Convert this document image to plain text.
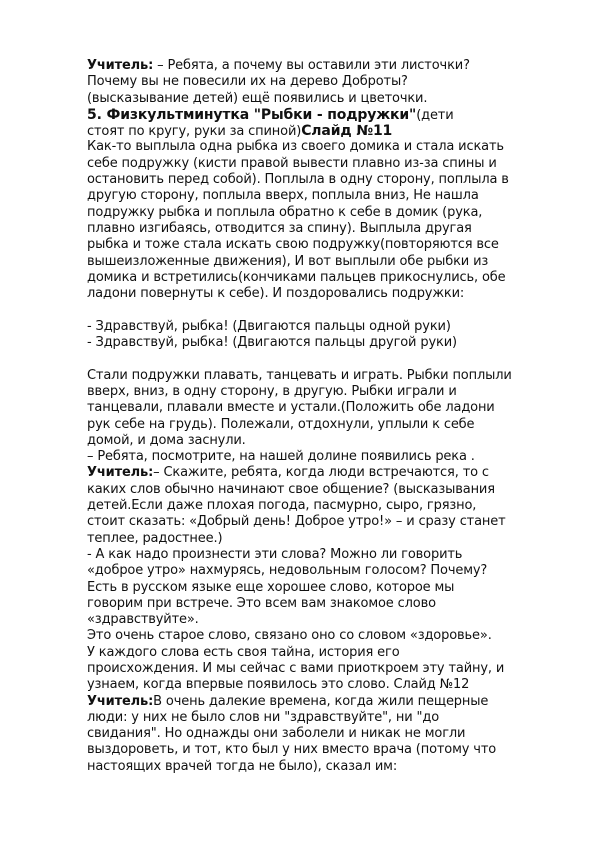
Учитель: – Ребята, а почему вы оставили эти листочки?
Почему вы не повесили их на дерево Доброты?
(высказывание детей) ещё появились и цветочки.
5. Физкультминутка "Рыбки - подружки"(дети
стоят по кругу, руки за спиной)Слайд №11
Как-то выплыла одна рыбка из своего домика и стала искать
себе подружку (кисти правой вывести плавно из-за спины и
остановить перед собой). Поплыла в одну сторону, поплыла в
другую сторону, поплыла вверх, поплыла вниз, Не нашла
подружку рыбка и поплыла обратно к себе в домик (рука,
плавно изгибаясь, отводится за спину). Выплыла другая
рыбка и тоже стала искать свою подружку(повторяются все
вышеизложенные движения), И вот выплыли обе рыбки из
домика и встретились(кончиками пальцев прикоснулись, обе
ладони повернуты к себе). И поздоровались подружки:
- Здравствуй, рыбка! (Двигаются пальцы одной руки)
- Здравствуй, рыбка! (Двигаются пальцы другой руки)
Стали подружки плавать, танцевать и играть. Рыбки поплыли
вверх, вниз, в одну сторону, в другую. Рыбки играли и
танцевали, плавали вместе и устали.(Положить обе ладони
рук себе на грудь). Полежали, отдохнули, уплыли к себе
домой, и дома заснули.
– Ребята, посмотрите, на нашей долине появились река .
Учитель:– Скажите, ребята, когда люди встречаются, то с
каких слов обычно начинают свое общение? (высказывания
детей.Если даже плохая погода, пасмурно, сыро, грязно,
стоит сказать: «Добрый день! Доброе утро!» – и сразу станет
теплее, радостнее.)
- А как надо произнести эти слова? Можно ли говорить
«доброе утро» нахмурясь, недовольным голосом? Почему?
Есть в русском языке еще хорошее слово, которое мы
говорим при встрече. Это всем вам знакомое слово
«здравствуйте».
Это очень старое слово, связано оно со словом «здоровье».
У каждого слова есть своя тайна, история его
происхождения. И мы сейчас с вами приоткроем эту тайну, и
узнаем, когда впервые появилось это слово. Слайд №12
Учитель:В очень далекие времена, когда жили пещерные
люди: у них не было слов ни "здравствуйте", ни "до
свидания". Но однажды они заболели и никак не могли
выздороветь, и тот, кто был у них вместо врача (потому что
настоящих врачей тогда не было), сказал им:
